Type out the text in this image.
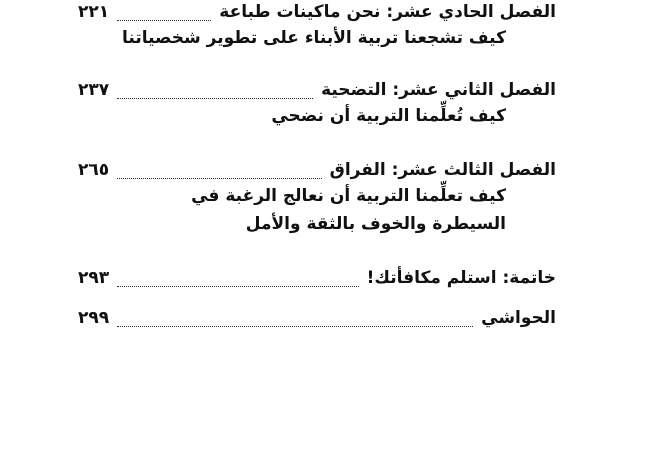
الفصل الحادي عشر: نحن ماكينات طباعة
٢٢١
كيف تشجعنا تربية الأبناء على تطوير شخصياتنا
الفصل الثاني عشر: التضحية
٢٣٧
كيف تُعلِّمنا التربية أن نضحي
الفصل الثالث عشر: الفراق
٢٦٥
كيف تعلِّمنا التربية أن نعالج الرغبة في
السيطرة والخوف بالثقة والأمل
خاتمة: استلم مكافأتك!
٢٩٣
الحواشي
٢٩٩
